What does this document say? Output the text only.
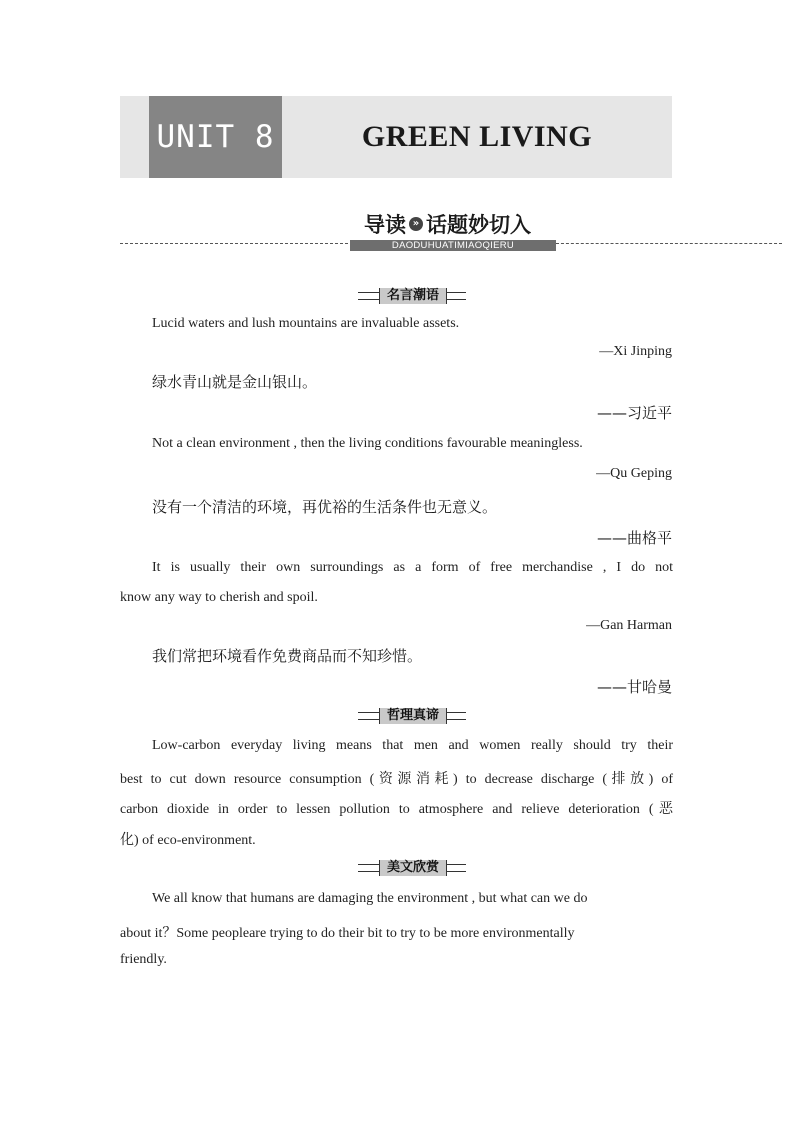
UNIT 8	GREEN LIVING
导读 » 话题妙切入
DAODUHUATIMIAOQIERU
名言潮语
Lucid waters and lush mountains are invaluable assets.
—Xi Jinping
绿水青山就是金山银山。
——习近平
Not a clean environment , then the living conditions favourable meaningless.
—Qu Geping
没有一个清洁的环境，再优裕的生活条件也无意义。
——曲格平
It is usually their own surroundings as a form of free merchandise , I do not
know any way to cherish and spoil.
—Gan Harman
我们常把环境看作免费商品而不知珍惜。
——甘哈曼
哲理真谛
Low-carbon everyday living means that men and women really should try their
best to cut down resource consumption (资源消耗) to decrease discharge (排放) of
carbon dioxide in order to lessen pollution to atmosphere and relieve deterioration (恶
化) of eco-environment.
美文欣赏
We all know that humans are damaging the environment , but what can we do
about it？Some peopleare trying to do their bit to try to be more environmentally
friendly.
